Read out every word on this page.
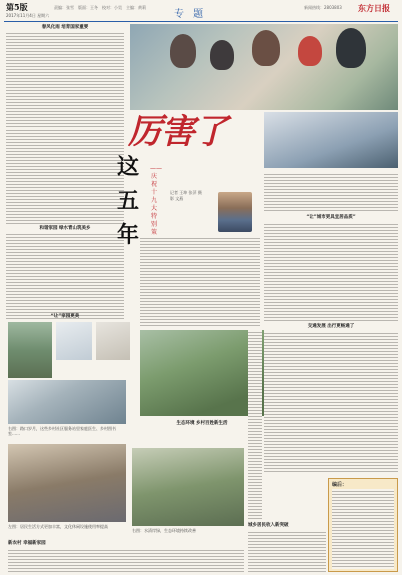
第5版
2017年11月4日 星期六
责编：张雪　版面：王冬　校对：小昊　主编：黄莉
专 题
新闻热线：2803803 东方日报
春风化雨 培育国家重要
和谐家园 绿水青山筑美乡
厉害了
这 五 年
——庆祝十九大特别策
记者 王坤 张萍 摄影 文燕
“让”城市更具宜居品质”
交通发展 出行更畅通了
“让”家园更美
右图：路口岁月，这些乡村社区服务站里家庭医生、乡村图书室……
生态环境 乡村百姓新生活
左图：居民生活方式更加丰富，文化休闲设施使用率提高
右图：水清岸绿，生态环境持续改善
城乡居民收入新突破
新农村 幸福新家园
编后：
